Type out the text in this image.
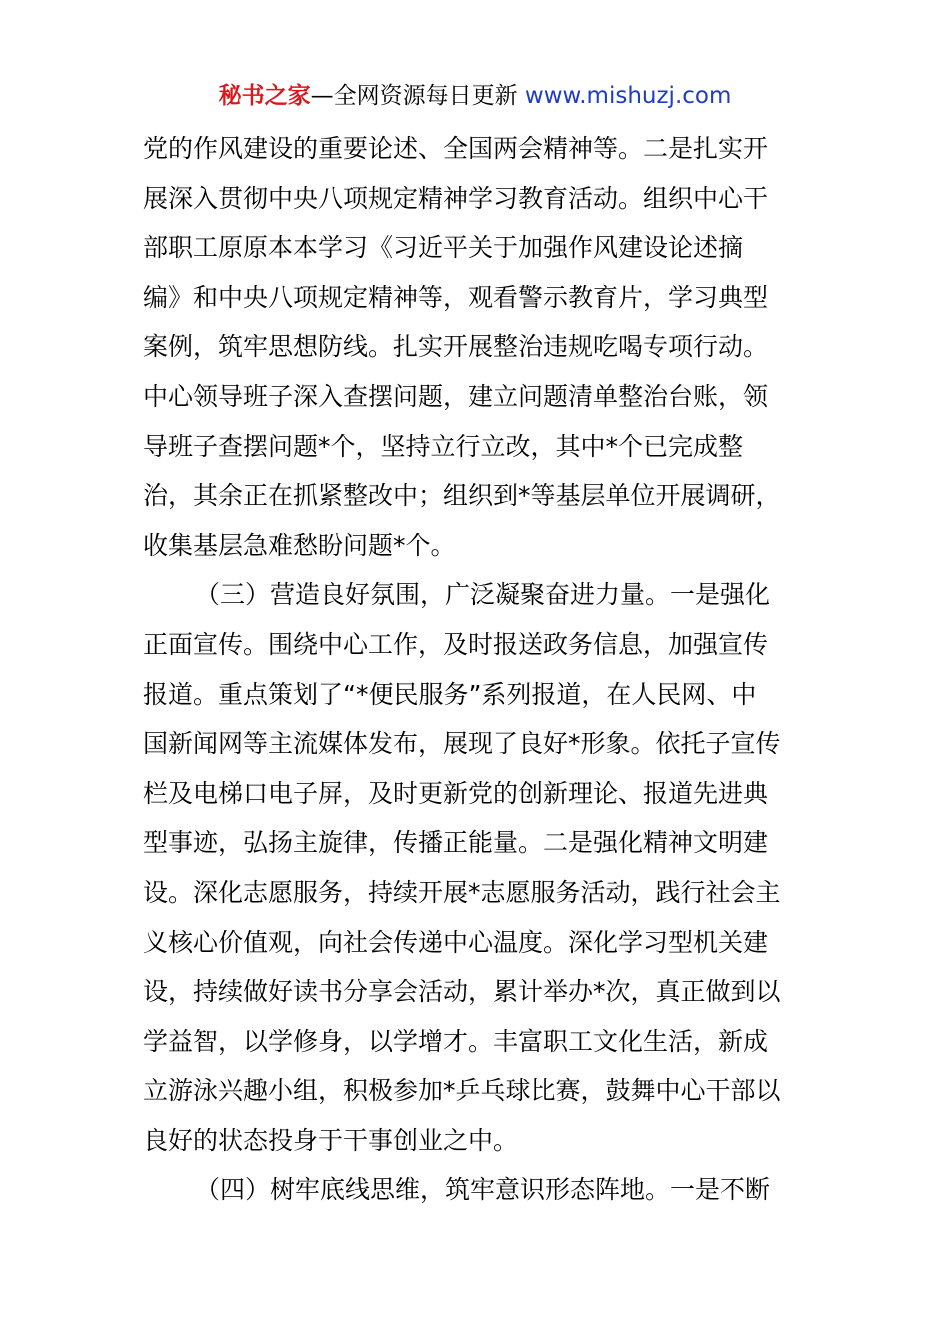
秘书之家—全网资源每日更新 www.mishuzj.com
党的作风建设的重要论述、全国两会精神等。二是扎实开
展深入贯彻中央八项规定精神学习教育活动。组织中心干
部职工原原本本学习《习近平关于加强作风建设论述摘
编》和中央八项规定精神等，观看警示教育片，学习典型
案例，筑牢思想防线。扎实开展整治违规吃喝专项行动。
中心领导班子深入查摆问题，建立问题清单整治台账，领
导班子查摆问题*个，坚持立行立改，其中*个已完成整
治，其余正在抓紧整改中；组织到*等基层单位开展调研，
收集基层急难愁盼问题*个。
（三）营造良好氛围，广泛凝聚奋进力量。一是强化
正面宣传。围绕中心工作，及时报送政务信息，加强宣传
报道。重点策划了“*便民服务”系列报道，在人民网、中
国新闻网等主流媒体发布，展现了良好*形象。依托子宣传
栏及电梯口电子屏，及时更新党的创新理论、报道先进典
型事迹，弘扬主旋律，传播正能量。二是强化精神文明建
设。深化志愿服务，持续开展*志愿服务活动，践行社会主
义核心价值观，向社会传递中心温度。深化学习型机关建
设，持续做好读书分享会活动，累计举办*次，真正做到以
学益智，以学修身，以学增才。丰富职工文化生活，新成
立游泳兴趣小组，积极参加*乒乓球比赛，鼓舞中心干部以
良好的状态投身于干事创业之中。
（四）树牢底线思维，筑牢意识形态阵地。一是不断
